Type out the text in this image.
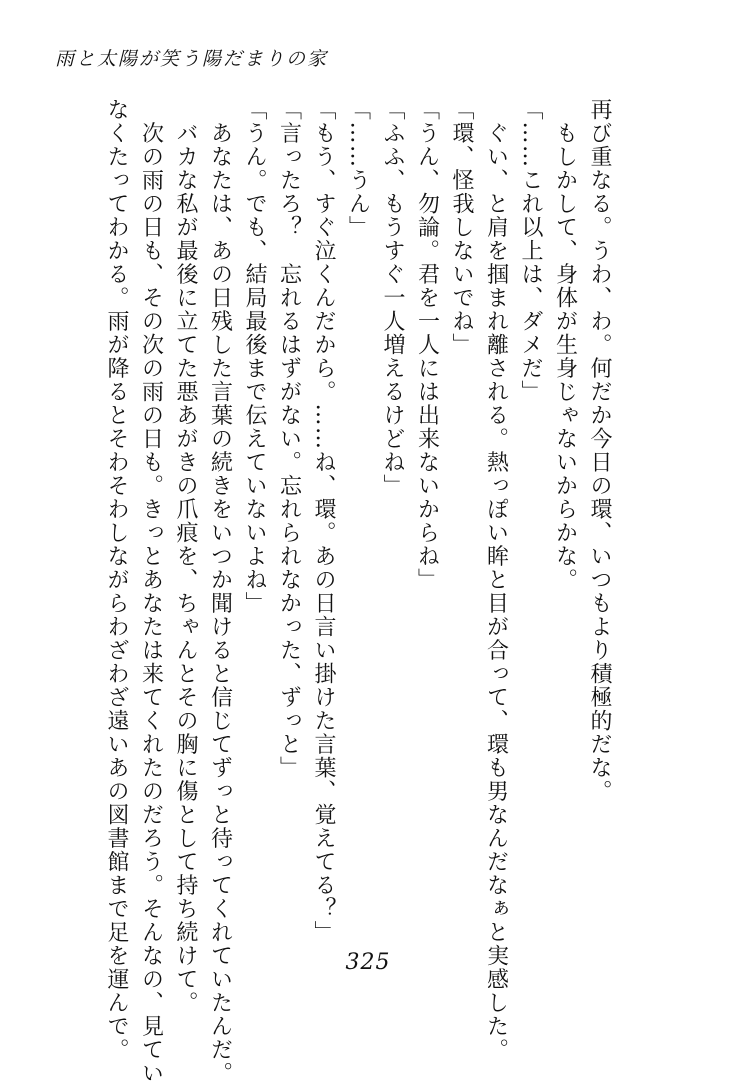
雨と太陽が笑う陽だまりの家
再び重なる。うわ、わ。何だか今日の環、いつもより積極的だな。
　もしかして、身体が生身じゃないからかな。
「……これ以上は、ダメだ」
　ぐい、と肩を掴まれ離される。熱っぽい眸と目が合って、環も男なんだなぁと実感した。
「環、怪我しないでね」
「うん、勿論。君を一人には出来ないからね」
「ふふ、もうすぐ一人増えるけどね」
「……うん」
「もう、すぐ泣くんだから。……ね、環。あの日言い掛けた言葉、覚えてる？」
「言ったろ？　忘れるはずがない。忘れられなかった、ずっと」
「うん。でも、結局最後まで伝えていないよね」
　あなたは、あの日残した言葉の続きをいつか聞けると信じてずっと待ってくれていたんだ。
　バカな私が最後に立てた悪あがきの爪痕を、ちゃんとその胸に傷として持ち続けて。
　次の雨の日も、その次の雨の日も。きっとあなたは来てくれたのだろう。そんなの、見てい
なくたってわかる。雨が降るとそわそわしながらわざわざ遠いあの図書館まで足を運んで。	325
